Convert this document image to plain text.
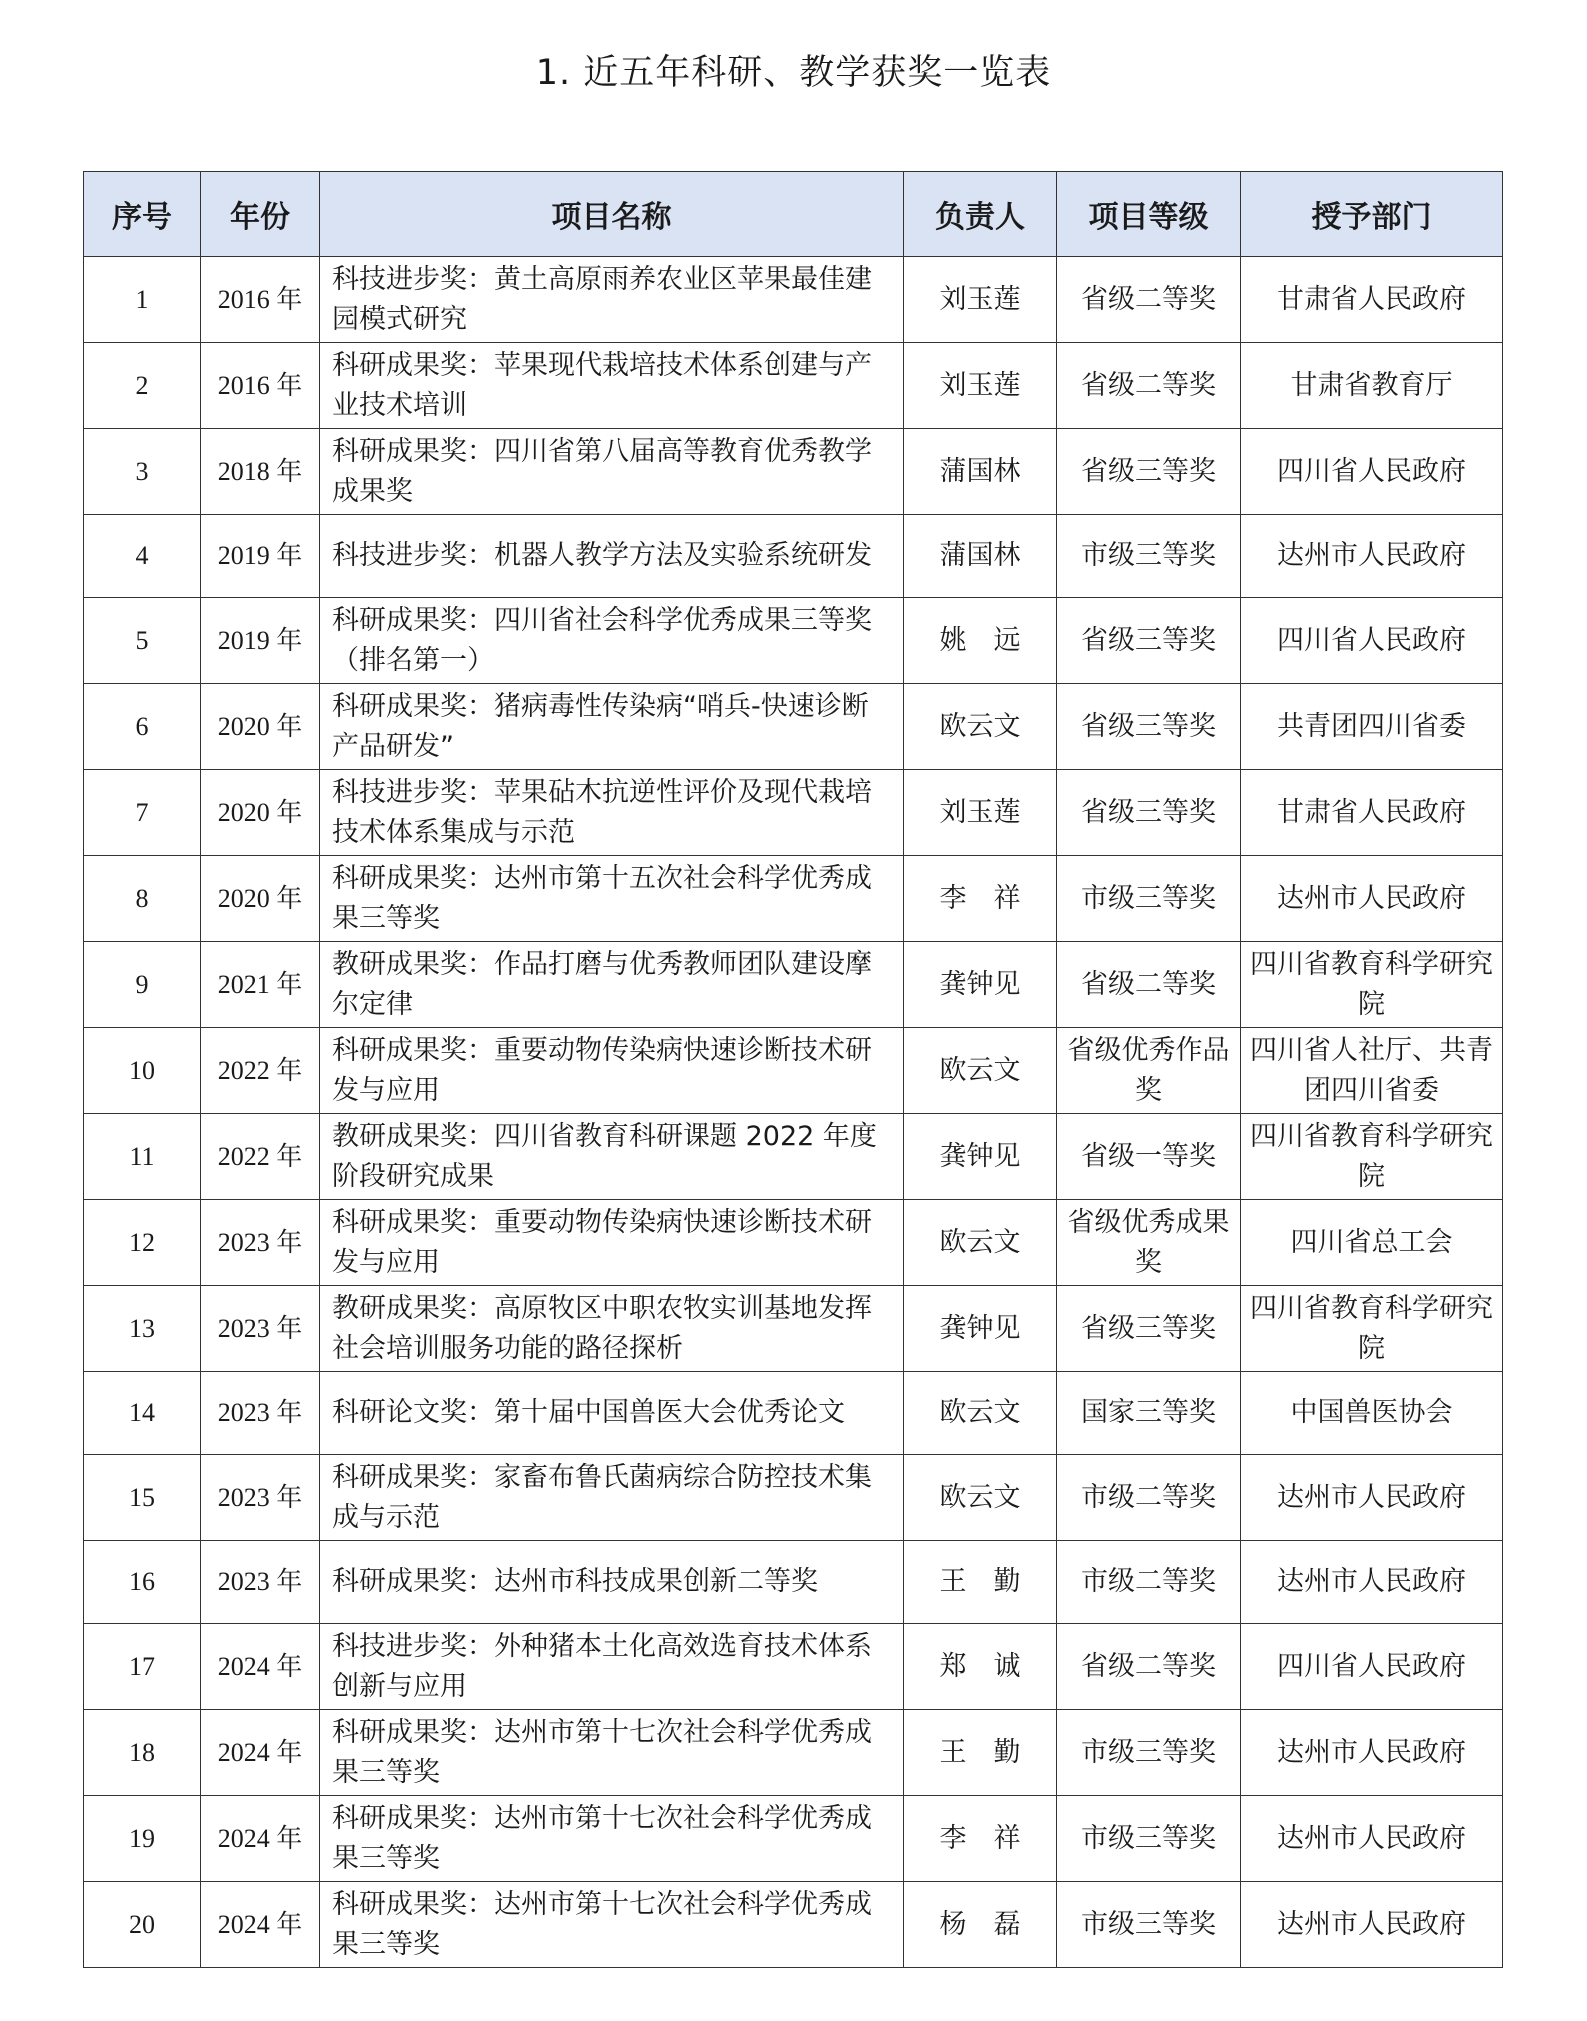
1. 近五年科研、教学获奖一览表
序号	年份	项目名称	负责人	项目等级	授予部门
1	2016 年	科技进步奖：黄土高原雨养农业区苹果最佳建园模式研究	刘玉莲	省级二等奖	甘肃省人民政府
2	2016 年	科研成果奖：苹果现代栽培技术体系创建与产业技术培训	刘玉莲	省级二等奖	甘肃省教育厅
3	2018 年	科研成果奖：四川省第八届高等教育优秀教学成果奖	蒲国林	省级三等奖	四川省人民政府
4	2019 年	科技进步奖：机器人教学方法及实验系统研发	蒲国林	市级三等奖	达州市人民政府
5	2019 年	科研成果奖：四川省社会科学优秀成果三等奖（排名第一）	姚　远	省级三等奖	四川省人民政府
6	2020 年	科研成果奖：猪病毒性传染病“哨兵-快速诊断产品研发”	欧云文	省级三等奖	共青团四川省委
7	2020 年	科技进步奖：苹果砧木抗逆性评价及现代栽培技术体系集成与示范	刘玉莲	省级三等奖	甘肃省人民政府
8	2020 年	科研成果奖：达州市第十五次社会科学优秀成果三等奖	李　祥	市级三等奖	达州市人民政府
9	2021 年	教研成果奖：作品打磨与优秀教师团队建设摩尔定律	龚钟见	省级二等奖	四川省教育科学研究院
10	2022 年	科研成果奖：重要动物传染病快速诊断技术研发与应用	欧云文	省级优秀作品奖	四川省人社厅、共青团四川省委
11	2022 年	教研成果奖：四川省教育科研课题 2022 年度阶段研究成果	龚钟见	省级一等奖	四川省教育科学研究院
12	2023 年	科研成果奖：重要动物传染病快速诊断技术研发与应用	欧云文	省级优秀成果奖	四川省总工会
13	2023 年	教研成果奖：高原牧区中职农牧实训基地发挥社会培训服务功能的路径探析	龚钟见	省级三等奖	四川省教育科学研究院
14	2023 年	科研论文奖：第十届中国兽医大会优秀论文	欧云文	国家三等奖	中国兽医协会
15	2023 年	科研成果奖：家畜布鲁氏菌病综合防控技术集成与示范	欧云文	市级二等奖	达州市人民政府
16	2023 年	科研成果奖：达州市科技成果创新二等奖	王　勤	市级二等奖	达州市人民政府
17	2024 年	科技进步奖：外种猪本土化高效选育技术体系创新与应用	郑　诚	省级二等奖	四川省人民政府
18	2024 年	科研成果奖：达州市第十七次社会科学优秀成果三等奖	王　勤	市级三等奖	达州市人民政府
19	2024 年	科研成果奖：达州市第十七次社会科学优秀成果三等奖	李　祥	市级三等奖	达州市人民政府
20	2024 年	科研成果奖：达州市第十七次社会科学优秀成果三等奖	杨　磊	市级三等奖	达州市人民政府
